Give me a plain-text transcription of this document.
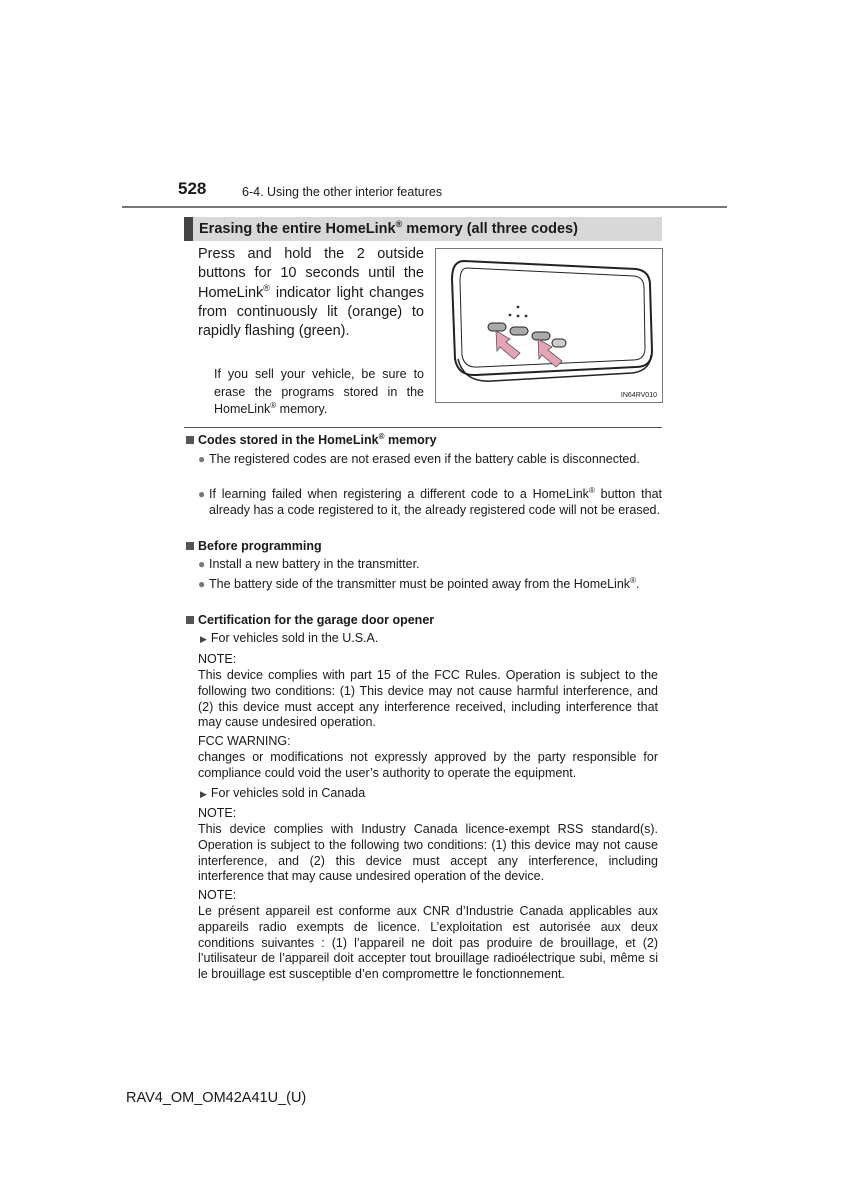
528	6-4. Using the other interior features
Erasing the entire HomeLink® memory (all three codes)
Press and hold the 2 outside buttons for 10 seconds until the HomeLink® indicator light changes from continuously lit (orange) to rapidly flashing (green).
If you sell your vehicle, be sure to erase the programs stored in the HomeLink® memory.
IN64RV010
Codes stored in the HomeLink® memory
● The registered codes are not erased even if the battery cable is disconnected.
● If learning failed when registering a different code to a HomeLink® button that already has a code registered to it, the already registered code will not be erased.
Before programming
● Install a new battery in the transmitter.
● The battery side of the transmitter must be pointed away from the HomeLink®.
Certification for the garage door opener
▶ For vehicles sold in the U.S.A.
NOTE:
This device complies with part 15 of the FCC Rules. Operation is subject to the following two conditions: (1) This device may not cause harmful interference, and (2) this device must accept any interference received, including interference that may cause undesired operation.
FCC WARNING:
changes or modifications not expressly approved by the party responsible for compliance could void the user’s authority to operate the equipment.
▶ For vehicles sold in Canada
NOTE:
This device complies with Industry Canada licence-exempt RSS standard(s). Operation is subject to the following two conditions: (1) this device may not cause interference, and (2) this device must accept any interference, including interference that may cause undesired operation of the device.
NOTE:
Le présent appareil est conforme aux CNR d’Industrie Canada applicables aux appareils radio exempts de licence. L’exploitation est autorisée aux deux conditions suivantes : (1) l’appareil ne doit pas produire de brouillage, et (2) l’utilisateur de l’appareil doit accepter tout brouillage radioélectrique subi, même si le brouillage est susceptible d’en compromettre le fonctionnement.
RAV4_OM_OM42A41U_(U)
